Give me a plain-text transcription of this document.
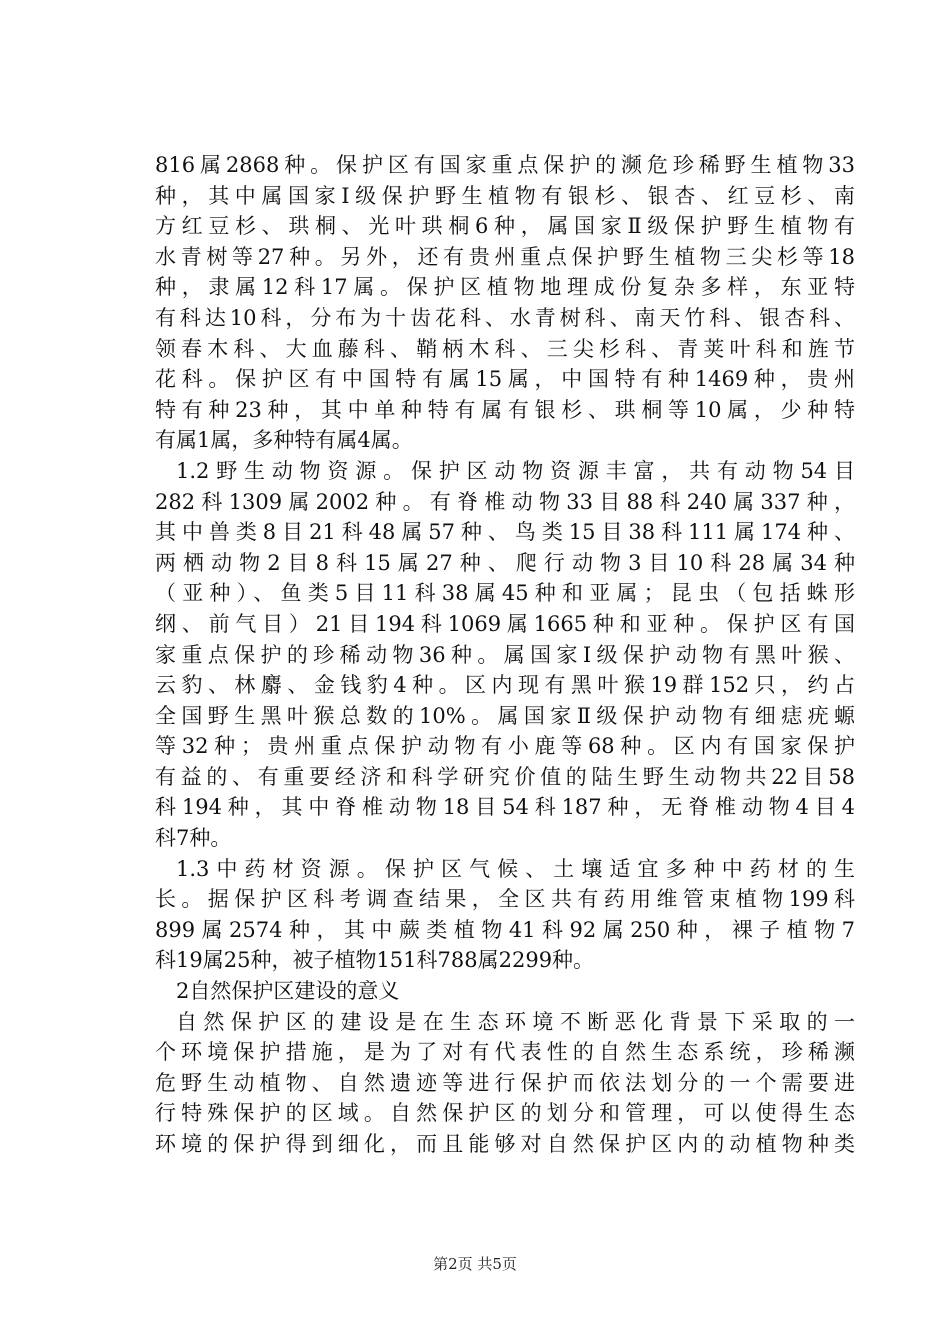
816属2868种。保护区有国家重点保护的濒危珍稀野生植物33
种，其中属国家Ⅰ级保护野生植物有银杉、银杏、红豆杉、南
方红豆杉、珙桐、光叶珙桐6种，属国家Ⅱ级保护野生植物有
水青树等27种。另外，还有贵州重点保护野生植物三尖杉等18
种，隶属12科17属。保护区植物地理成份复杂多样，东亚特
有科达10科，分布为十齿花科、水青树科、南天竹科、银杏科、
领春木科、大血藤科、鞘柄木科、三尖杉科、青荚叶科和旌节
花科。保护区有中国特有属15属，中国特有种1469种，贵州
特有种23种，其中单种特有属有银杉、珙桐等10属，少种特
有属1属，多种特有属4属。
1.2野生动物资源。保护区动物资源丰富，共有动物54目
282科1309属2002种。有脊椎动物33目88科240属337种，
其中兽类8目21科48属57种、鸟类15目38科111属174种、
两栖动物2目8科15属27种、爬行动物3目10科28属34种
（亚种）、鱼类5目11科38属45种和亚属；昆虫（包括蛛形
纲、前气目）21目194科1069属1665种和亚种。保护区有国
家重点保护的珍稀动物36种。属国家Ⅰ级保护动物有黑叶猴、
云豹、林麝、金钱豹4种。区内现有黑叶猴19群152只，约占
全国野生黑叶猴总数的10%。属国家Ⅱ级保护动物有细痣疣螈
等32种；贵州重点保护动物有小鹿等68种。区内有国家保护
有益的、有重要经济和科学研究价值的陆生野生动物共22目58
科194种，其中脊椎动物18目54科187种，无脊椎动物4目4
科7种。
1.3中药材资源。保护区气候、土壤适宜多种中药材的生
长。据保护区科考调查结果，全区共有药用维管束植物199科
899属2574种，其中蕨类植物41科92属250种，裸子植物7
科19属25种，被子植物151科788属2299种。
2自然保护区建设的意义
自然保护区的建设是在生态环境不断恶化背景下采取的一
个环境保护措施，是为了对有代表性的自然生态系统，珍稀濒
危野生动植物、自然遗迹等进行保护而依法划分的一个需要进
行特殊保护的区域。自然保护区的划分和管理，可以使得生态
环境的保护得到细化，而且能够对自然保护区内的动植物种类
第2页 共5页
